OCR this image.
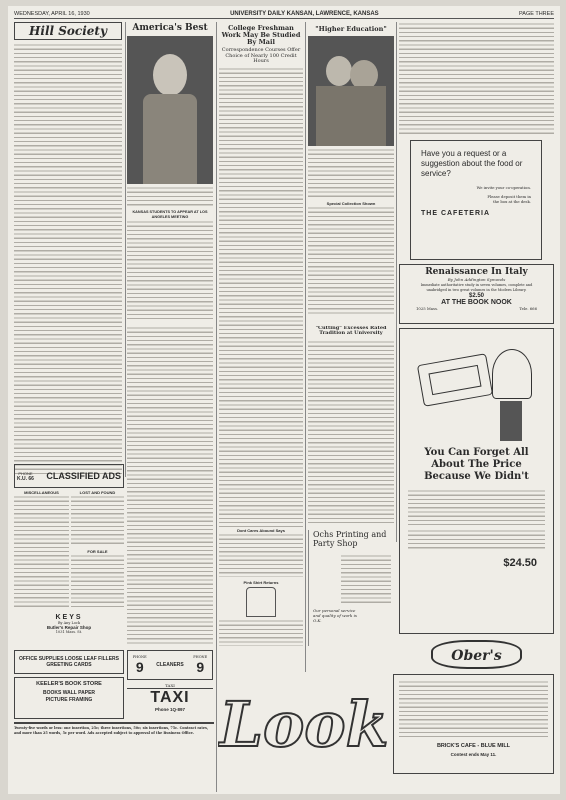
WEDNESDAY, APRIL 16, 1930	UNIVERSITY DAILY KANSAN, LAWRENCE, KANSAS	PAGE THREE
Hill Society
PHONE
K.U. 66 CLASSIFIED ADS
MISCELLANEOUS	LOST AND FOUND
FOR SALE
KEYS
By Any Lock
Butler's Repair Shop
1031 Mass. St.
PHONE
9	CLEANERS
PHONE
9
OFFICE SUPPLIES LOOSE LEAF FILLERS GREETING CARDS
KEELER'S BOOK STORE
BOOKS WALL PAPER PICTURE FRAMING
TAXI
TAXI
Phone 1Q-897
Twenty-five words or less: one insertion, 25c; three insertions, 50c; six insertions, 75c. Contract rates, and more than 25 words, 5c per word. Ads accepted subject to approval of the Business Office.
America's Best
KANSAS STUDENTS TO APPEAR AT LOS ANGELES MEETING
College Freshman Work May Be Studied By Mail
Correspondence Courses Offer Choice of Nearly 100 Credit Hours
Dont Cares Abound Says
Pink Shirt Returns
"Higher Education"
Special Collection Shown
"Cutting" Excesses Rated Tradition at University
Ochs Printing and Party Shop
Our personal service and quality of work is O.K.
Have you a request or a suggestion about the food or service?
We invite your co-operation.
Please deposit them in the box at the desk.
THE CAFETERIA
Renaissance In Italy
By John Addington Symonds
Immediate authoritative study in seven volumes, complete and unabridged in two great volumes in the Modern Library.
$2.50
AT THE BOOK NOOK
1025 Mass.	Tele. 666
You Can Forget All About The Price Because We Didn't
$24.50
Ober's
Look	BRICK'S CAFE - BLUE MILL
Contest ends May 11.
